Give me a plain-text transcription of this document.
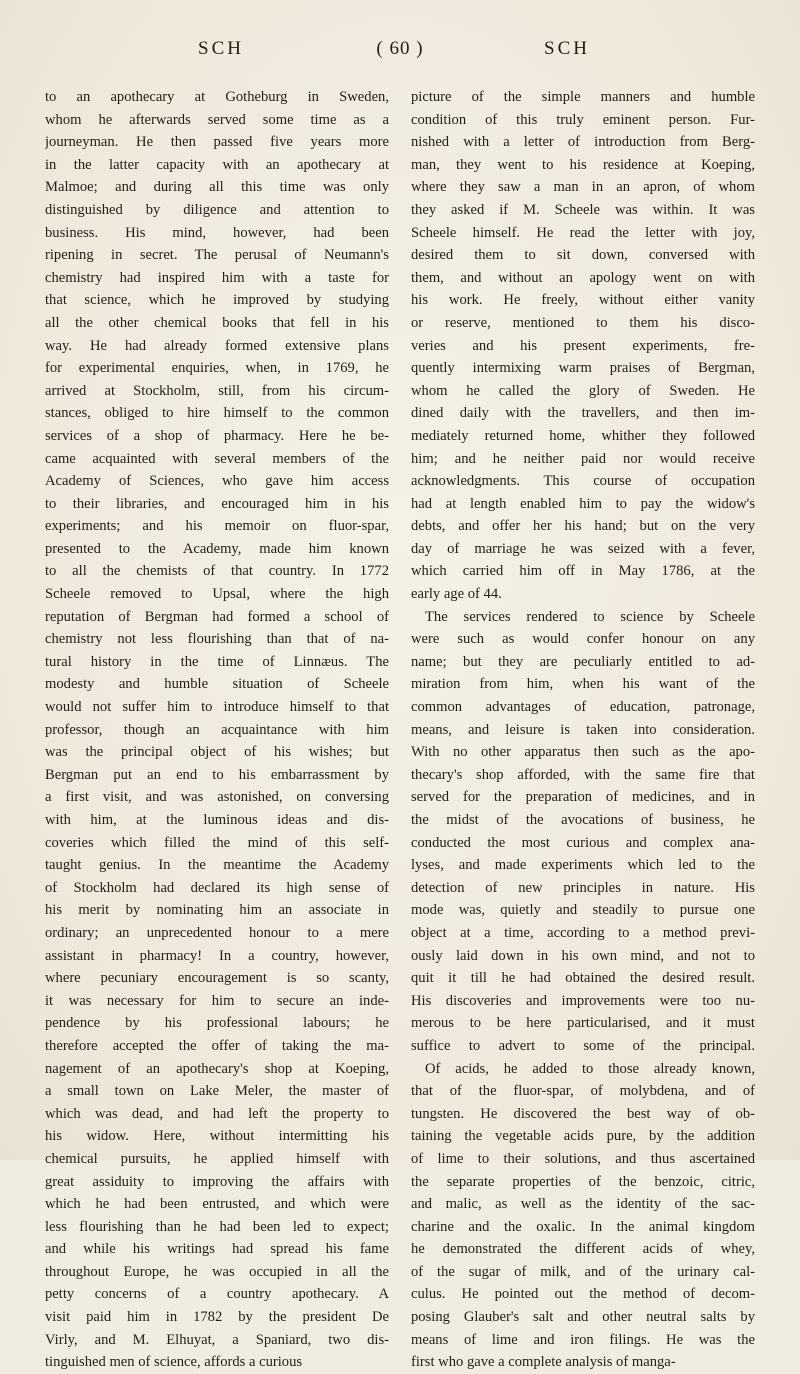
SCH	( 60 )	SCH
to an apothecary at Gotheburg in Sweden,
whom he afterwards served some time as a
journeyman. He then passed five years more
in the latter capacity with an apothecary at
Malmoe; and during all this time was only
distinguished by diligence and attention to
business. His mind, however, had been
ripening in secret. The perusal of Neumann's
chemistry had inspired him with a taste for
that science, which he improved by studying
all the other chemical books that fell in his
way. He had already formed extensive plans
for experimental enquiries, when, in 1769, he
arrived at Stockholm, still, from his circum-
stances, obliged to hire himself to the common
services of a shop of pharmacy. Here he be-
came acquainted with several members of the
Academy of Sciences, who gave him access
to their libraries, and encouraged him in his
experiments; and his memoir on fluor-spar,
presented to the Academy, made him known
to all the chemists of that country. In 1772
Scheele removed to Upsal, where the high
reputation of Bergman had formed a school of
chemistry not less flourishing than that of na-
tural history in the time of Linnæus. The
modesty and humble situation of Scheele
would not suffer him to introduce himself to that
professor, though an acquaintance with him
was the principal object of his wishes; but
Bergman put an end to his embarrassment by
a first visit, and was astonished, on conversing
with him, at the luminous ideas and dis-
coveries which filled the mind of this self-
taught genius. In the meantime the Academy
of Stockholm had declared its high sense of
his merit by nominating him an associate in
ordinary; an unprecedented honour to a mere
assistant in pharmacy! In a country, however,
where pecuniary encouragement is so scanty,
it was necessary for him to secure an inde-
pendence by his professional labours; he
therefore accepted the offer of taking the ma-
nagement of an apothecary's shop at Koeping,
a small town on Lake Meler, the master of
which was dead, and had left the property to
his widow. Here, without intermitting his
chemical pursuits, he applied himself with
great assiduity to improving the affairs with
which he had been entrusted, and which were
less flourishing than he had been led to expect;
and while his writings had spread his fame
throughout Europe, he was occupied in all the
petty concerns of a country apothecary. A
visit paid him in 1782 by the president De
Virly, and M. Elhuyat, a Spaniard, two dis-
tinguished men of science, affords a curious
picture of the simple manners and humble
condition of this truly eminent person. Fur-
nished with a letter of introduction from Berg-
man, they went to his residence at Koeping,
where they saw a man in an apron, of whom
they asked if M. Scheele was within. It was
Scheele himself. He read the letter with joy,
desired them to sit down, conversed with
them, and without an apology went on with
his work. He freely, without either vanity
or reserve, mentioned to them his disco-
veries and his present experiments, fre-
quently intermixing warm praises of Bergman,
whom he called the glory of Sweden. He
dined daily with the travellers, and then im-
mediately returned home, whither they followed
him; and he neither paid nor would receive
acknowledgments. This course of occupation
had at length enabled him to pay the widow's
debts, and offer her his hand; but on the very
day of marriage he was seized with a fever,
which carried him off in May 1786, at the
early age of 44.
The services rendered to science by Scheele
were such as would confer honour on any
name; but they are peculiarly entitled to ad-
miration from him, when his want of the
common advantages of education, patronage,
means, and leisure is taken into consideration.
With no other apparatus then such as the apo-
thecary's shop afforded, with the same fire that
served for the preparation of medicines, and in
the midst of the avocations of business, he
conducted the most curious and complex ana-
lyses, and made experiments which led to the
detection of new principles in nature. His
mode was, quietly and steadily to pursue one
object at a time, according to a method previ-
ously laid down in his own mind, and not to
quit it till he had obtained the desired result.
His discoveries and improvements were too nu-
merous to be here particularised, and it must
suffice to advert to some of the principal.
Of acids, he added to those already known,
that of the fluor-spar, of molybdena, and of
tungsten. He discovered the best way of ob-
taining the vegetable acids pure, by the addition
of lime to their solutions, and thus ascertained
the separate properties of the benzoic, citric,
and malic, as well as the identity of the sac-
charine and the oxalic. In the animal kingdom
he demonstrated the different acids of whey,
of the sugar of milk, and of the urinary cal-
culus. He pointed out the method of decom-
posing Glauber's salt and other neutral salts by
means of lime and iron filings. He was the
first who gave a complete analysis of manga-
